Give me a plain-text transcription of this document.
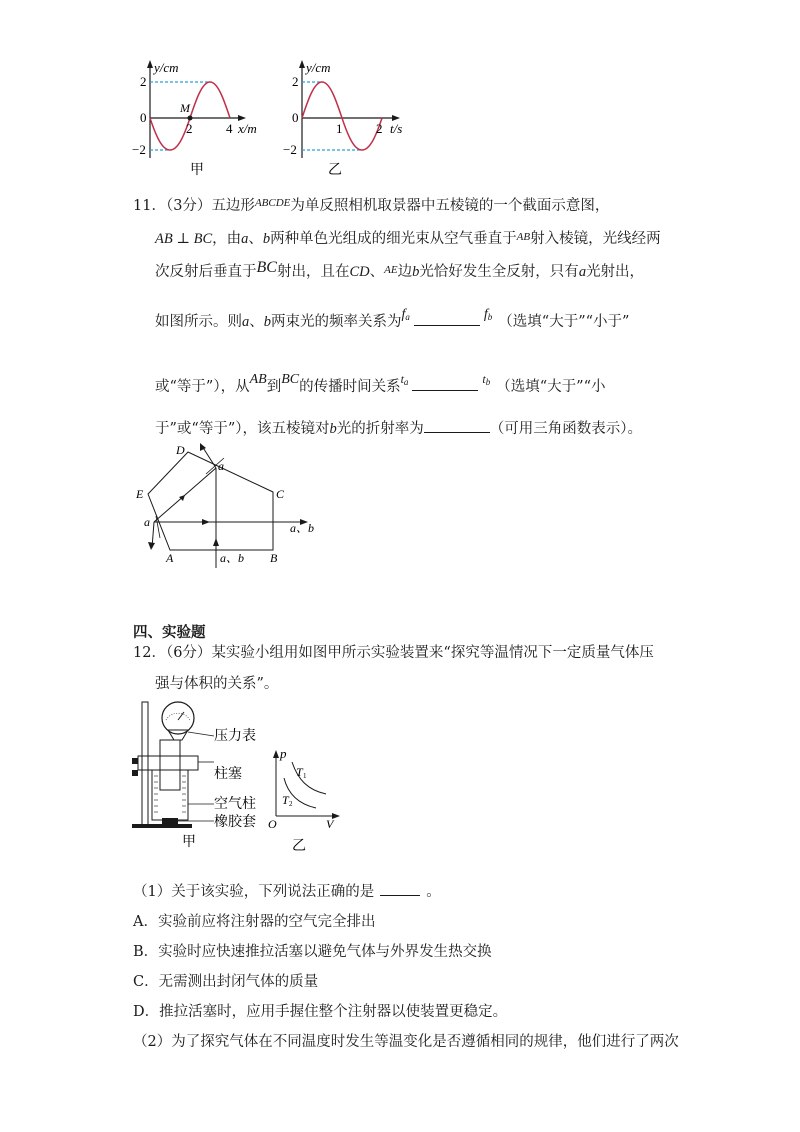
y/cm
2
0
−2
M
2	4 x/m
甲
y/cm
2
0
−2
1	2 t/s
乙
11．（3分）五边形$^{ABCDE}$为单反照相机取景器中五棱镜的一个截面示意图，
AB ⊥ BC，由a、b两种单色光组成的细光束从空气垂直于$^{AB}$射入棱镜，光线经两
次反射后垂直于BC射出，且在CD、$^{AE}$边b光恰好发生全反射，只有a光射出，
如图所示。则a、b两束光的频率关系为$f^a$	$f^b$ （选填“大于”“小于”
或“等于”），从AB到BC的传播时间关系$^{ta}$	$^{tb}$ （选填“大于”“小
于”或“等于”），该五棱镜对b光的折射率为	（可用三角函数表示）。
D
a
C
E
a	a、b
A	a、b B
四、实验题
12．（6分）某实验小组用如图甲所示实验装置来“探究等温情况下一定质量气体压
强与体积的关系”。
压力表
柱塞
空气柱
橡胶套
甲
p
T 1
T 2
O	V
乙
（1）关于该实验，下列说法正确的是	。
A．实验前应将注射器的空气完全排出
B．实验时应快速推拉活塞以避免气体与外界发生热交换
C．无需测出封闭气体的质量
D．推拉活塞时，应用手握住整个注射器以使装置更稳定。
（2）为了探究气体在不同温度时发生等温变化是否遵循相同的规律，他们进行了两次
